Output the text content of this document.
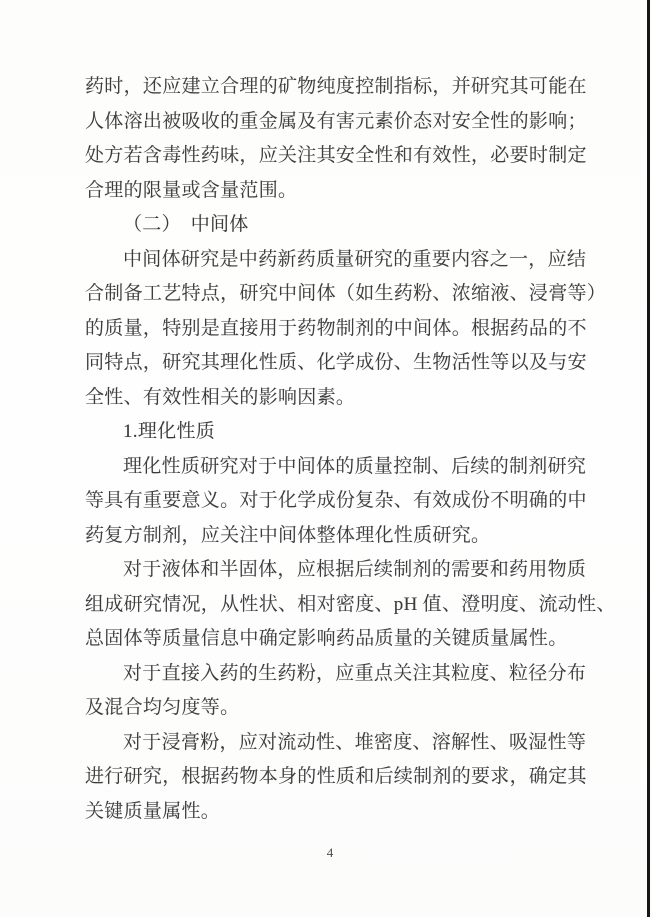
药时，还应建立合理的矿物纯度控制指标，并研究其可能在
人体溶出被吸收的重金属及有害元素价态对安全性的影响；
处方若含毒性药味，应关注其安全性和有效性，必要时制定
合理的限量或含量范围。
（二）　中间体
中间体研究是中药新药质量研究的重要内容之一，应结
合制备工艺特点，研究中间体（如生药粉、浓缩液、浸膏等）
的质量，特别是直接用于药物制剂的中间体。根据药品的不
同特点，研究其理化性质、化学成份、生物活性等以及与安
全性、有效性相关的影响因素。
1.理化性质
理化性质研究对于中间体的质量控制、后续的制剂研究
等具有重要意义。对于化学成份复杂、有效成份不明确的中
药复方制剂，应关注中间体整体理化性质研究。
对于液体和半固体，应根据后续制剂的需要和药用物质
组成研究情况，从性状、相对密度、pH 值、澄明度、流动性、
总固体等质量信息中确定影响药品质量的关键质量属性。
对于直接入药的生药粉，应重点关注其粒度、粒径分布
及混合均匀度等。
对于浸膏粉，应对流动性、堆密度、溶解性、吸湿性等
进行研究，根据药物本身的性质和后续制剂的要求，确定其
关键质量属性。
4
